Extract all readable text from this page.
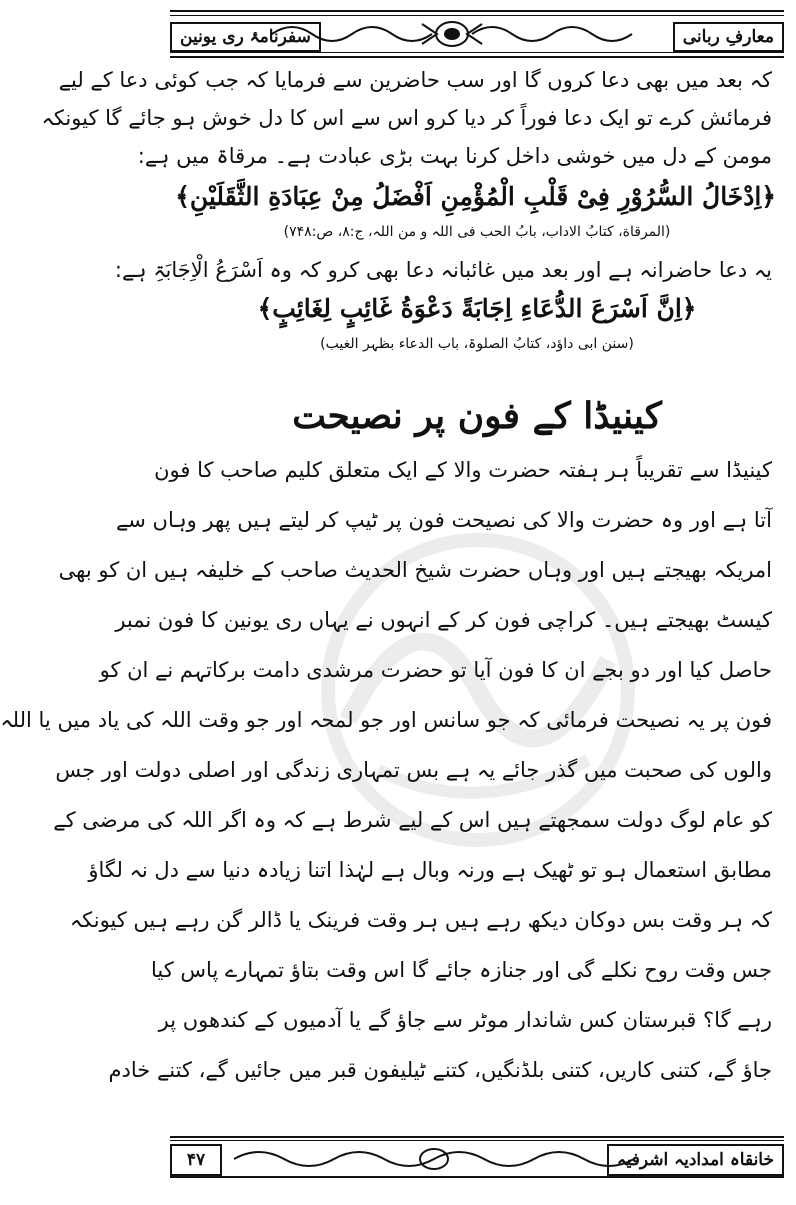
معارفِ ربانی
سفرنامۂ ری یونین
کہ بعد میں بھی دعا کروں گا اور سب حاضرین سے فرمایا کہ جب کوئی دعا کے لیے
فرمائش کرے تو ایک دعا فوراً کر دیا کرو اس سے اس کا دل خوش ہو جائے گا کیونکہ
مومن کے دل میں خوشی داخل کرنا بہت بڑی عبادت ہے۔ مرقاۃ میں ہے:
﴿اِدْخَالُ السُّرُوْرِ فِیْ قَلْبِ الْمُؤْمِنِ اَفْضَلُ مِنْ عِبَادَةِ الثَّقَلَیْنِ﴾
(المرقاة، کتابُ الاداب، بابُ الحب فی اللہ و من اللہ، ج:۸، ص:۷۴۸)
یہ دعا حاضرانہ ہے اور بعد میں غائبانہ دعا بھی کرو کہ وہ اَسْرَعُ الْاِجَابَۃِ ہے:
﴿اِنَّ اَسْرَعَ الدُّعَاءِ اِجَابَةً دَعْوَةُ غَائِبٍ لِغَائِبٍ﴾
(سنن ابی داؤد، کتابُ الصلوۃ، باب الدعاء بظہر الغیب)
کینیڈا کے فون پر نصیحت
کینیڈا سے تقریباً ہر ہفتہ حضرت والا کے ایک متعلق کلیم صاحب کا فون
آتا ہے اور وہ حضرت والا کی نصیحت فون پر ٹیپ کر لیتے ہیں پھر وہاں سے
امریکہ بھیجتے ہیں اور وہاں حضرت شیخ الحدیث صاحب کے خلیفہ ہیں ان کو بھی
کیسٹ بھیجتے ہیں۔ کراچی فون کر کے انہوں نے یہاں ری یونین کا فون نمبر
حاصل کیا اور دو بجے ان کا فون آیا تو حضرت مرشدی دامت برکاتہم نے ان کو
فون پر یہ نصیحت فرمائی کہ جو سانس اور جو لمحہ اور جو وقت اللہ کی یاد میں یا اللہ
والوں کی صحبت میں گذر جائے یہ ہے بس تمہاری زندگی اور اصلی دولت اور جس
کو عام لوگ دولت سمجھتے ہیں اس کے لیے شرط ہے کہ وہ اگر اللہ کی مرضی کے
مطابق استعمال ہو تو ٹھیک ہے ورنہ وبال ہے لہٰذا اتنا زیادہ دنیا سے دل نہ لگاؤ
کہ ہر وقت بس دوکان دیکھ رہے ہیں ہر وقت فرینک یا ڈالر گن رہے ہیں کیونکہ
جس وقت روح نکلے گی اور جنازہ جائے گا اس وقت بتاؤ تمہارے پاس کیا
رہے گا؟ قبرستان کس شاندار موٹر سے جاؤ گے یا آدمیوں کے کندھوں پر
جاؤ گے، کتنی کاریں، کتنی بلڈنگیں، کتنے ٹیلیفون قبر میں جائیں گے، کتنے خادم
خانقاہ امدادیہ اشرفیہ
۴۷
